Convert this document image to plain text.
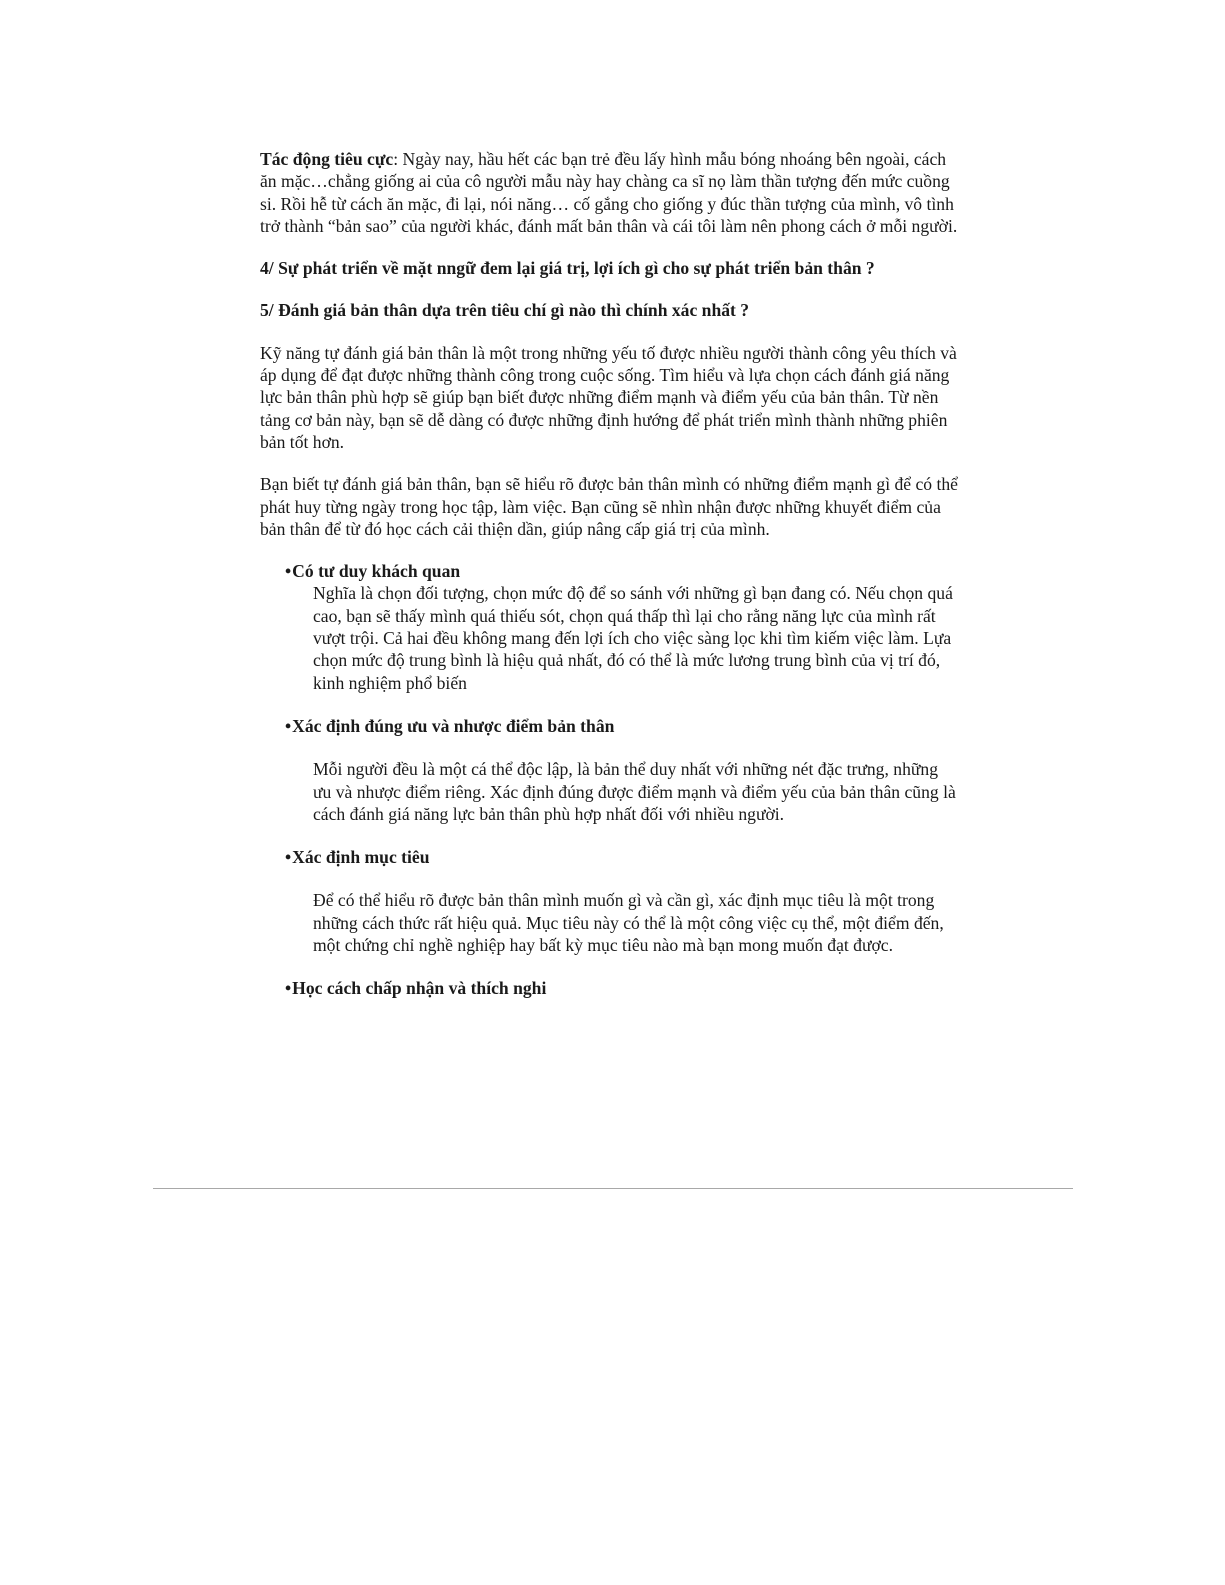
Tác động tiêu cực: Ngày nay, hầu hết các bạn trẻ đều lấy hình mẫu bóng nhoáng bên ngoài, cách ăn mặc…chẳng giống ai của cô người mẫu này hay chàng ca sĩ nọ làm thần tượng đến mức cuồng si. Rồi hễ từ cách ăn mặc, đi lại, nói năng… cố gắng cho giống y đúc thần tượng của mình, vô tình trở thành “bản sao” của người khác, đánh mất bản thân và cái tôi làm nên phong cách ở mỗi người.

4/ Sự phát triển về mặt nngữ đem lại giá trị, lợi ích gì cho sự phát triển bản thân ?

5/ Đánh giá bản thân dựa trên tiêu chí gì nào thì chính xác nhất ?

Kỹ năng tự đánh giá bản thân là một trong những yếu tố được nhiều người thành công yêu thích và áp dụng để đạt được những thành công trong cuộc sống. Tìm hiểu và lựa chọn cách đánh giá năng lực bản thân phù hợp sẽ giúp bạn biết được những điểm mạnh và điểm yếu của bản thân. Từ nền tảng cơ bản này, bạn sẽ dễ dàng có được những định hướng để phát triển mình thành những phiên bản tốt hơn.

Bạn biết tự đánh giá bản thân, bạn sẽ hiểu rõ được bản thân mình có những điểm mạnh gì để có thể phát huy từng ngày trong học tập, làm việc. Bạn cũng sẽ nhìn nhận được những khuyết điểm của bản thân để từ đó học cách cải thiện dần, giúp nâng cấp giá trị của mình.

•Có tư duy khách quan

Nghĩa là chọn đối tượng, chọn mức độ để so sánh với những gì bạn đang có. Nếu chọn quá cao, bạn sẽ thấy mình quá thiếu sót, chọn quá thấp thì lại cho rằng năng lực của mình rất vượt trội. Cả hai đều không mang đến lợi ích cho việc sàng lọc khi tìm kiếm việc làm. Lựa chọn mức độ trung bình là hiệu quả nhất, đó có thể là mức lương trung bình của vị trí đó, kinh nghiệm phổ biến

•Xác định đúng ưu và nhược điểm bản thân

Mỗi người đều là một cá thể độc lập, là bản thể duy nhất với những nét đặc trưng, những ưu và nhược điểm riêng. Xác định đúng được điểm mạnh và điểm yếu của bản thân cũng là cách đánh giá năng lực bản thân phù hợp nhất đối với nhiều người.

•Xác định mục tiêu

Để có thể hiểu rõ được bản thân mình muốn gì và cần gì, xác định mục tiêu là một trong những cách thức rất hiệu quả. Mục tiêu này có thể là một công việc cụ thể, một điểm đến, một chứng chỉ nghề nghiệp hay bất kỳ mục tiêu nào mà bạn mong muốn đạt được.

•Học cách chấp nhận và thích nghi
